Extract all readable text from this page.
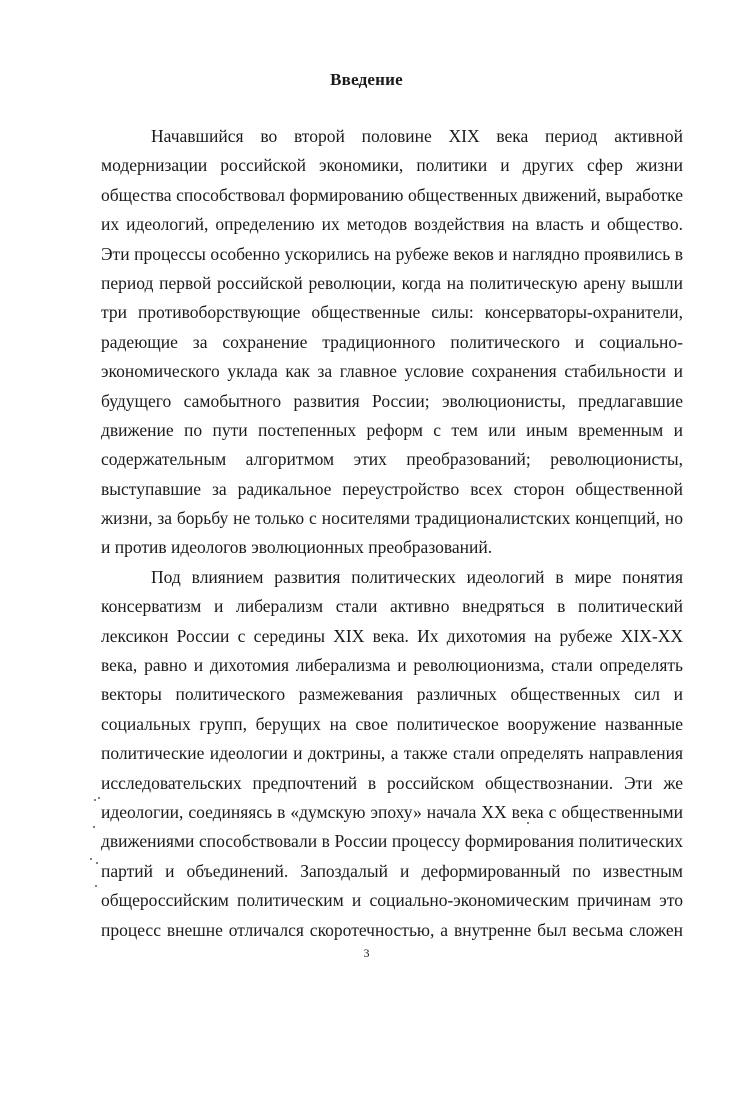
Введение
Начавшийся во второй половине XIX века период активной
модернизации российской экономики, политики и других сфер жизни
общества способствовал формированию общественных движений, выработке
их идеологий, определению их методов воздействия на власть и общество.
Эти процессы особенно ускорились на рубеже веков и наглядно проявились в
период первой российской революции, когда на политическую арену вышли
три противоборствующие общественные силы: консерваторы-охранители,
радеющие за сохранение традиционного политического и социально-
экономического уклада как за главное условие сохранения стабильности и
будущего самобытного развития России; эволюционисты, предлагавшие
движение по пути постепенных реформ с тем или иным временным и
содержательным алгоритмом этих преобразований; революционисты,
выступавшие за радикальное переустройство всех сторон общественной
жизни, за борьбу не только с носителями традиционалистских концепций, но
и против идеологов эволюционных преобразований.
Под влиянием развития политических идеологий в мире понятия
консерватизм и либерализм стали активно внедряться в политический
лексикон России с середины XIX века. Их дихотомия на рубеже XIX-XX
века, равно и дихотомия либерализма и революционизма, стали определять
векторы политического размежевания различных общественных сил и
социальных групп, берущих на свое политическое вооружение названные
политические идеологии и доктрины, а также стали определять направления
исследовательских предпочтений в российском обществознании. Эти же
идеологии, соединяясь в «думскую эпоху» начала XX века с общественными
движениями способствовали в России процессу формирования политических
партий и объединений. Запоздалый и деформированный по известным
общероссийским политическим и социально-экономическим причинам это
процесс внешне отличался скоротечностью, а внутренне был весьма сложен
3
